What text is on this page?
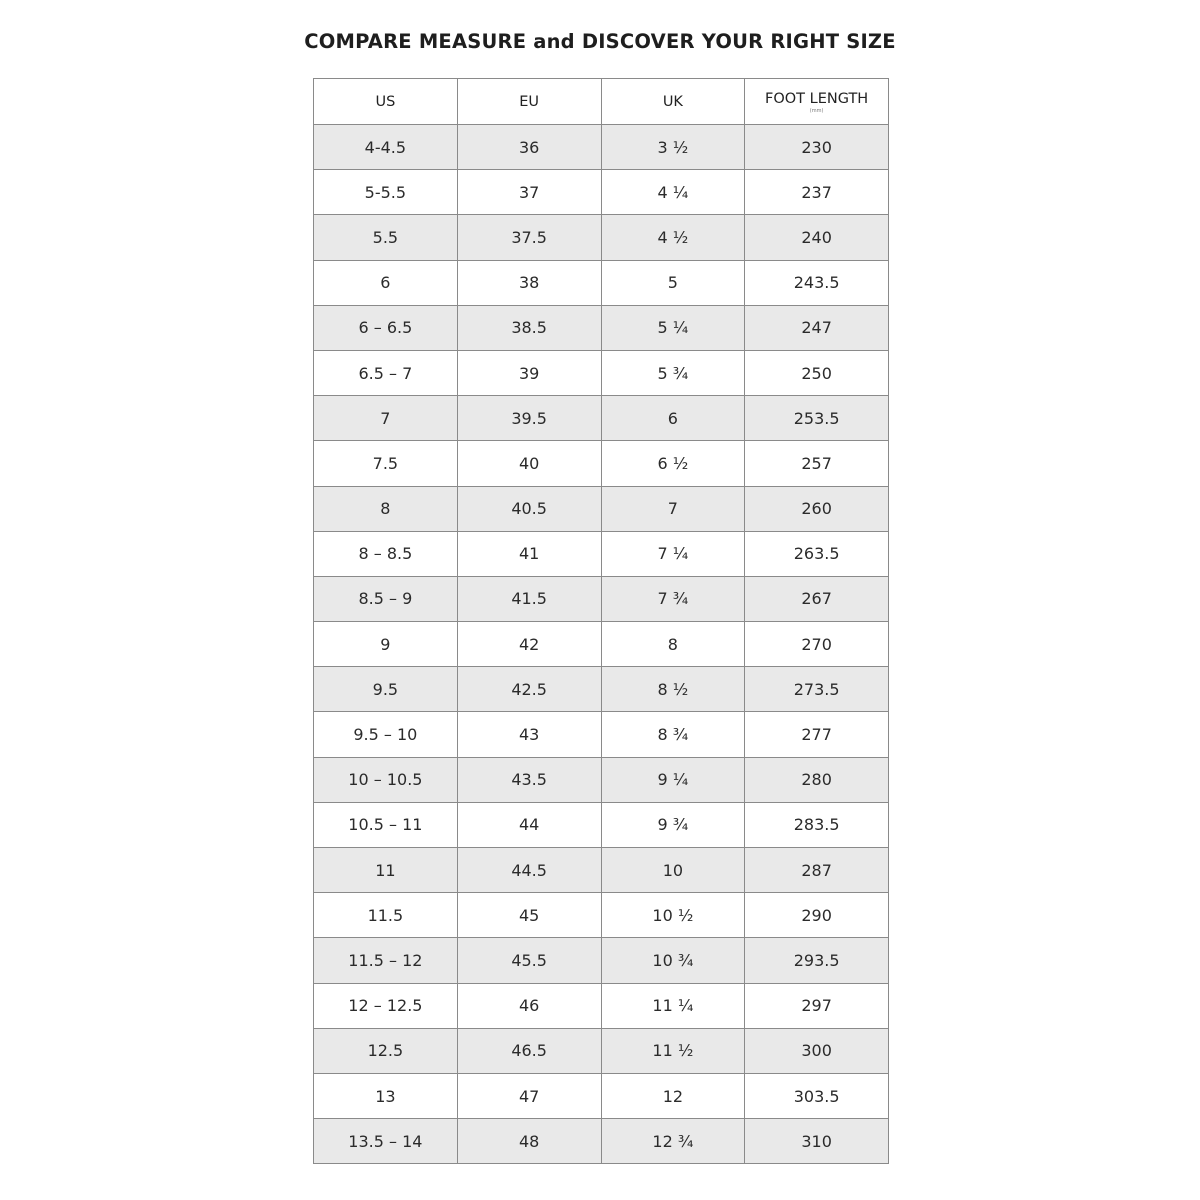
COMPARE MEASURE and DISCOVER YOUR RIGHT SIZE
US	EU	UK	FOOT LENGTH
(mm)

4-4.5	36	3 ½	230
5-5.5	37	4 ¼	237
5.5	37.5	4 ½	240
6	38	5	243.5
6 – 6.5	38.5	5 ¼	247
6.5 – 7	39	5 ¾	250
7	39.5	6	253.5
7.5	40	6 ½	257
8	40.5	7	260
8 – 8.5	41	7 ¼	263.5
8.5 – 9	41.5	7 ¾	267
9	42	8	270
9.5	42.5	8 ½	273.5
9.5 – 10	43	8 ¾	277
10 – 10.5	43.5	9 ¼	280
10.5 – 11	44	9 ¾	283.5
11	44.5	10	287
11.5	45	10 ½	290
11.5 – 12	45.5	10 ¾	293.5
12 – 12.5	46	11 ¼	297
12.5	46.5	11 ½	300
13	47	12	303.5
13.5 – 14	48	12 ¾	310
